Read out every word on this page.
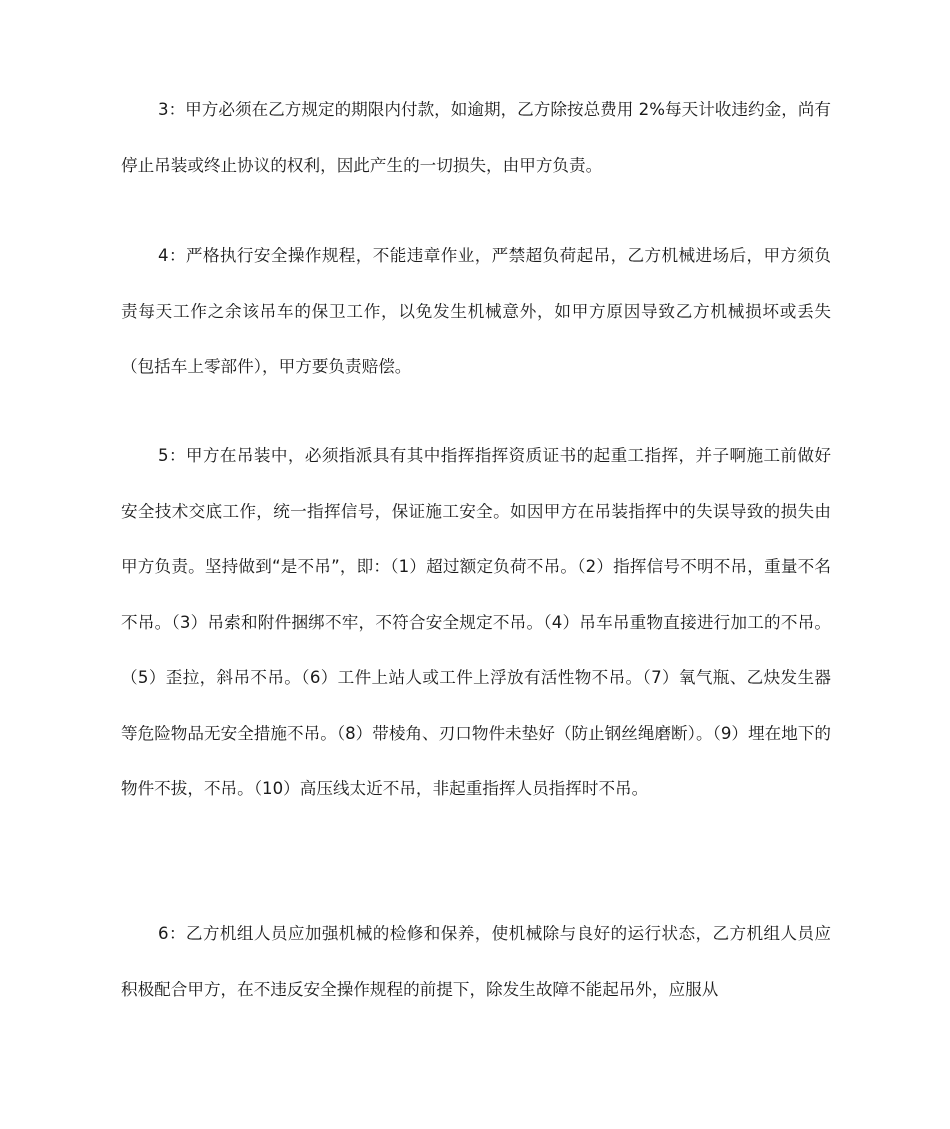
3：甲方必须在乙方规定的期限内付款，如逾期，乙方除按总费用 2%每天计收违约金，尚有停止吊装或终止协议的权利，因此产生的一切损失，由甲方负责。

4：严格执行安全操作规程，不能违章作业，严禁超负荷起吊，乙方机械进场后，甲方须负责每天工作之余该吊车的保卫工作，以免发生机械意外，如甲方原因导致乙方机械损坏或丢失（包括车上零部件），甲方要负责赔偿。

5：甲方在吊装中，必须指派具有其中指挥指挥资质证书的起重工指挥，并子啊施工前做好安全技术交底工作，统一指挥信号，保证施工安全。如因甲方在吊装指挥中的失误导致的损失由甲方负责。坚持做到“是不吊”，即：（1）超过额定负荷不吊。（2）指挥信号不明不吊，重量不名不吊。（3）吊索和附件捆绑不牢，不符合安全规定不吊。（4）吊车吊重物直接进行加工的不吊。（5）歪拉，斜吊不吊。（6）工件上站人或工件上浮放有活性物不吊。（7）氧气瓶、乙炔发生器等危险物品无安全措施不吊。（8）带棱角、刃口物件未垫好（防止钢丝绳磨断）。（9）埋在地下的物件不拔，不吊。（10）高压线太近不吊，非起重指挥人员指挥时不吊。

6：乙方机组人员应加强机械的检修和保养，使机械除与良好的运行状态，乙方机组人员应积极配合甲方，在不违反安全操作规程的前提下，除发生故障不能起吊外，应服从
